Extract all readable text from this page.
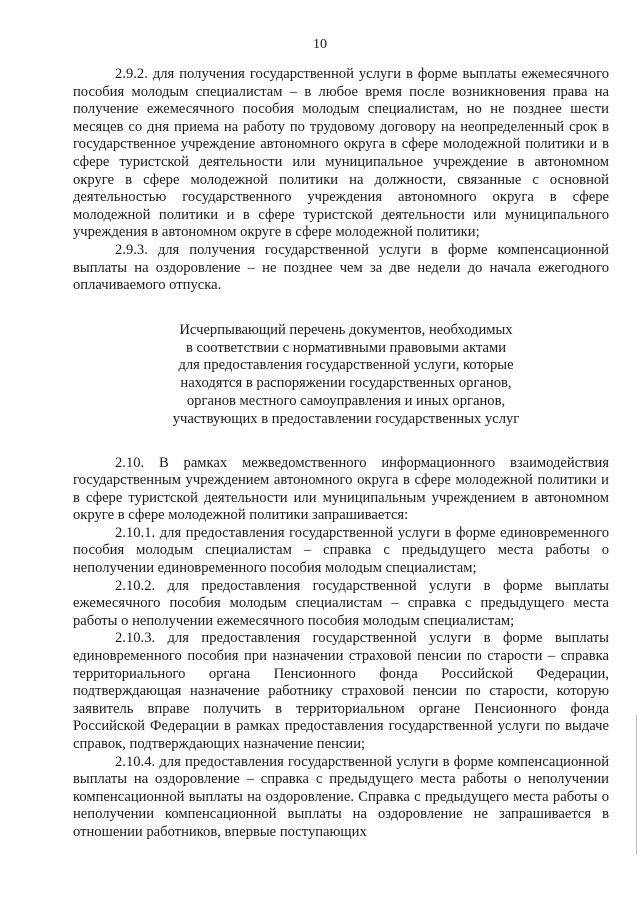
10

2.9.2. для получения государственной услуги в форме выплаты ежемесячного пособия молодым специалистам – в любое время после возникновения права на получение ежемесячного пособия молодым специалистам, но не позднее шести месяцев со дня приема на работу по трудовому договору на неопределенный срок в государственное учреждение автономного округа в сфере молодежной политики и в сфере туристской деятельности или муниципальное учреждение в автономном округе в сфере молодежной политики на должности, связанные с основной деятельностью государственного учреждения автономного округа в сфере молодежной политики и в сфере туристской деятельности или муниципального учреждения в автономном округе в сфере молодежной политики;

2.9.3. для получения государственной услуги в форме компенсационной выплаты на оздоровление – не позднее чем за две недели до начала ежегодного оплачиваемого отпуска.

Исчерпывающий перечень документов, необходимых
в соответствии с нормативными правовыми актами
для предоставления государственной услуги, которые
находятся в распоряжении государственных органов,
органов местного самоуправления и иных органов,
участвующих в предоставлении государственных услуг

2.10. В рамках межведомственного информационного взаимодействия государственным учреждением автономного округа в сфере молодежной политики и в сфере туристской деятельности или муниципальным учреждением в автономном округе в сфере молодежной политики запрашивается:

2.10.1. для предоставления государственной услуги в форме единовременного пособия молодым специалистам – справка с предыдущего места работы о неполучении единовременного пособия молодым специалистам;

2.10.2. для предоставления государственной услуги в форме выплаты ежемесячного пособия молодым специалистам – справка с предыдущего места работы о неполучении ежемесячного пособия молодым специалистам;

2.10.3. для предоставления государственной услуги в форме выплаты единовременного пособия при назначении страховой пенсии по старости – справка территориального органа Пенсионного фонда Российской Федерации, подтверждающая назначение работнику страховой пенсии по старости, которую заявитель вправе получить в территориальном органе Пенсионного фонда Российской Федерации в рамках предоставления государственной услуги по выдаче справок, подтверждающих назначение пенсии;

2.10.4. для предоставления государственной услуги в форме компенсационной выплаты на оздоровление – справка с предыдущего места работы о неполучении компенсационной выплаты на оздоровление. Справка с предыдущего места работы о неполучении компенсационной выплаты на оздоровление не запрашивается в отношении работников, впервые поступающих
